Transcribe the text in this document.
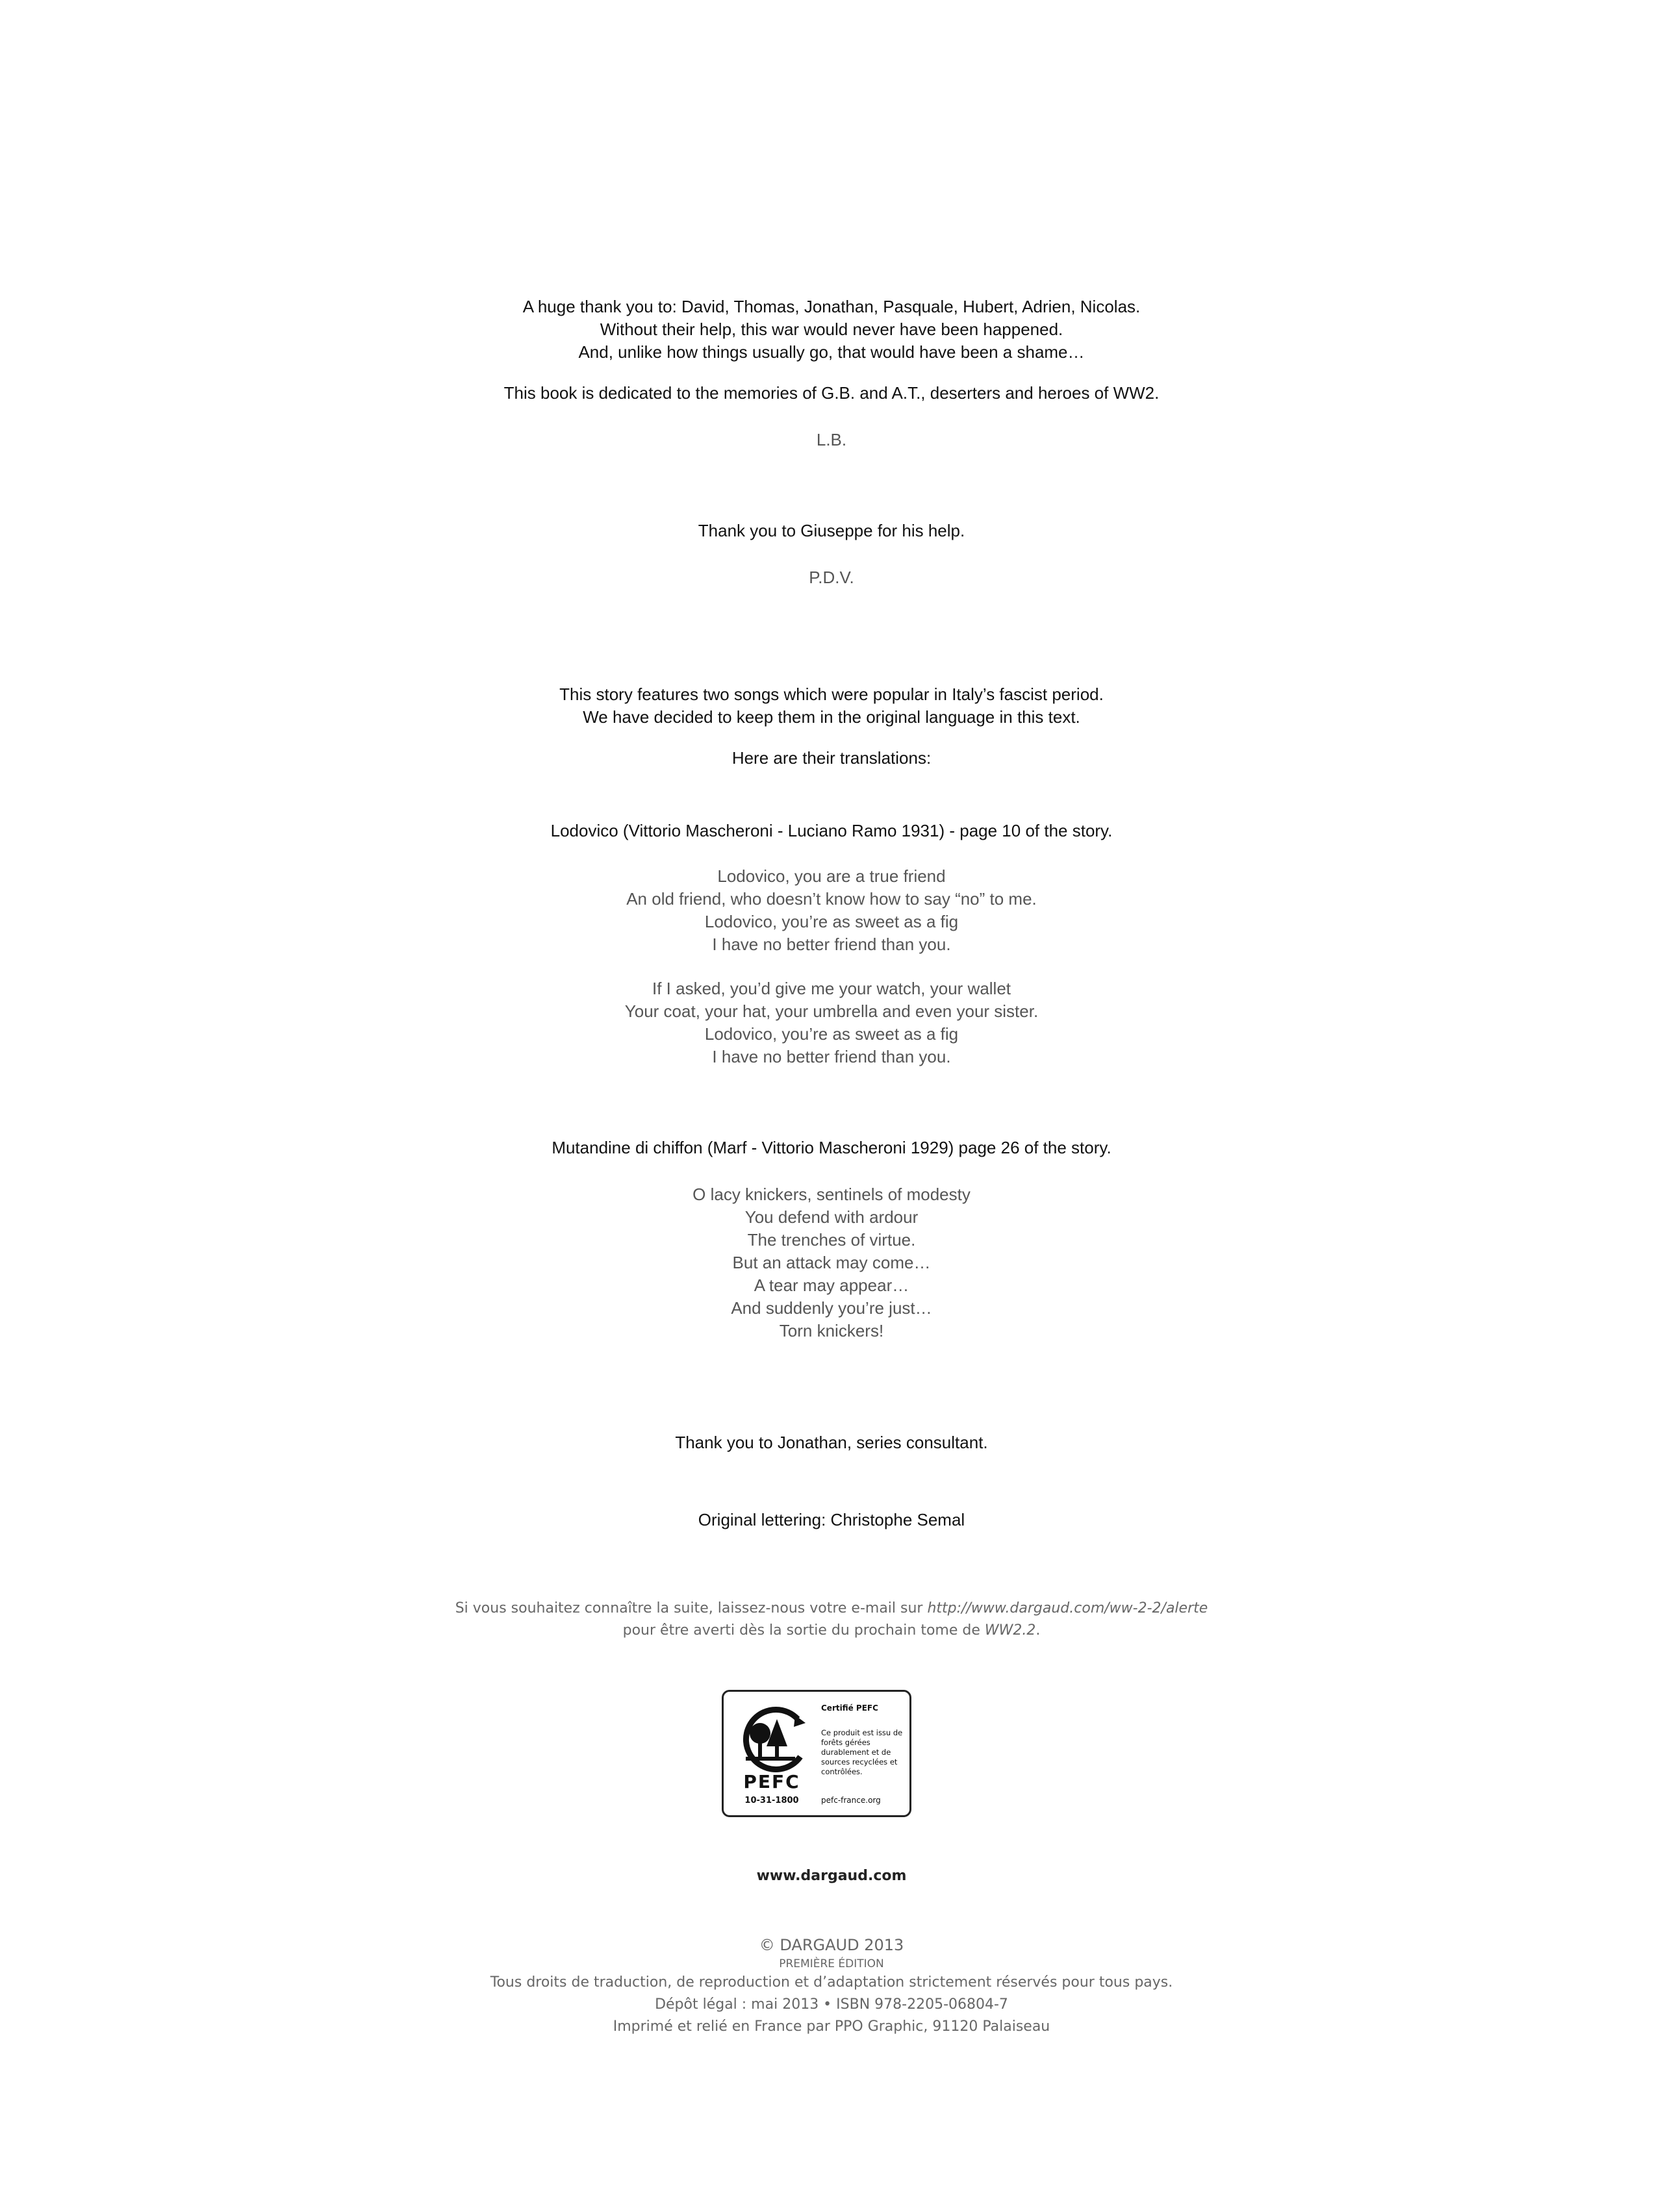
A huge thank you to: David, Thomas, Jonathan, Pasquale, Hubert, Adrien, Nicolas.
Without their help, this war would never have been happened.
And, unlike how things usually go, that would have been a shame…
This book is dedicated to the memories of G.B. and A.T., deserters and heroes of WW2.
L.B.
Thank you to Giuseppe for his help.
P.D.V.
This story features two songs which were popular in Italy’s fascist period.
We have decided to keep them in the original language in this text.
Here are their translations:
Lodovico (Vittorio Mascheroni - Luciano Ramo 1931) - page 10 of the story.
Lodovico, you are a true friend
An old friend, who doesn’t know how to say “no” to me.
Lodovico, you’re as sweet as a fig
I have no better friend than you.
If I asked, you’d give me your watch, your wallet
Your coat, your hat, your umbrella and even your sister.
Lodovico, you’re as sweet as a fig
I have no better friend than you.
Mutandine di chiffon (Marf - Vittorio Mascheroni 1929) page 26 of the story.
O lacy knickers, sentinels of modesty
You defend with ardour
The trenches of virtue.
But an attack may come…
A tear may appear…
And suddenly you’re just…
Torn knickers!
Thank you to Jonathan, series consultant.
Original lettering: Christophe Semal
Si vous souhaitez connaître la suite, laissez-nous votre e-mail sur http://www.dargaud.com/ww-2-2/alerte
pour être averti dès la sortie du prochain tome de WW2.2.
PEFC
10-31-1800
Certifié PEFC
Ce produit est issu de forêts gérées durablement et de sources recyclées et contrôlées.
pefc-france.org
www.dargaud.com
© DARGAUD 2013
PREMIÈRE ÉDITION
Tous droits de traduction, de reproduction et d’adaptation strictement réservés pour tous pays.
Dépôt légal : mai 2013 • ISBN 978-2205-06804-7
Imprimé et relié en France par PPO Graphic, 91120 Palaiseau
